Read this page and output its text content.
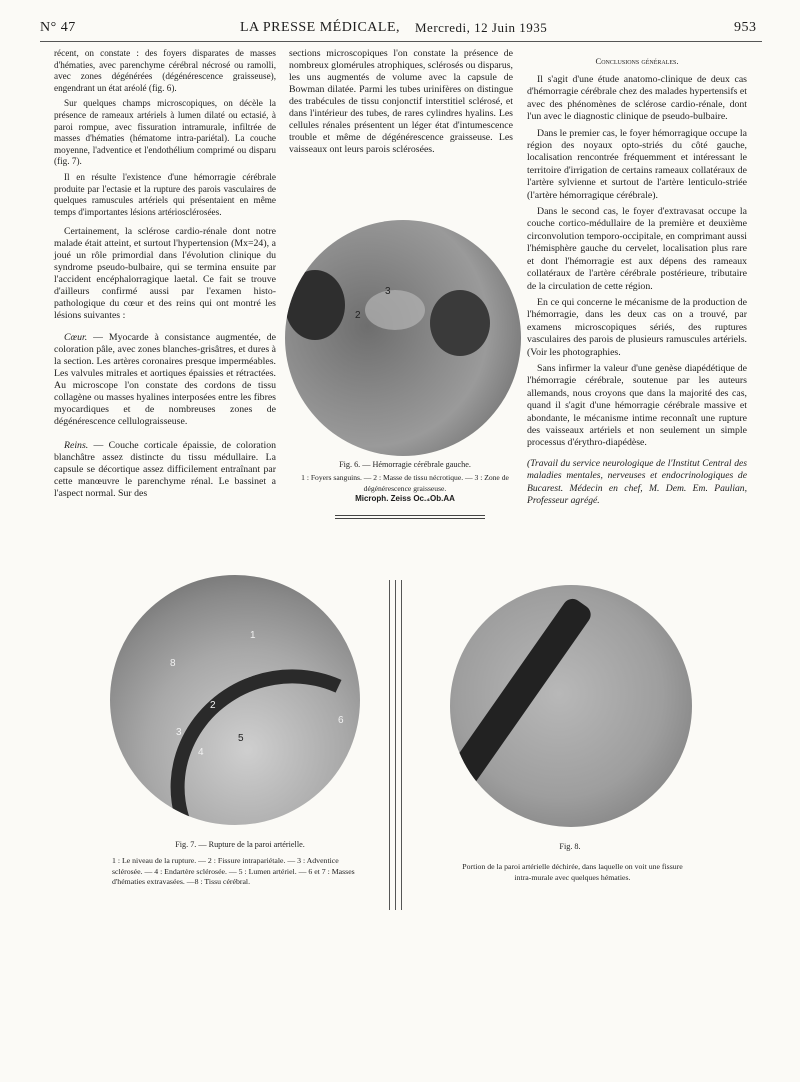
N° 47	LA PRESSE MÉDICALE, Mercredi, 12 Juin 1935	953

récent, on constate : des foyers disparates de masses d'hématies, avec parenchyme cérébral nécrosé ou ramolli, avec zones dégénérées (dégénérescence graisseuse), engendrant un état aréolé (fig. 6).

Sur quelques champs microscopiques, on décèle la présence de rameaux artériels à lumen dilaté ou ectasié, à paroi rompue, avec fissuration intramurale, infiltrée de masses d'hématies (hématome intra-pariétal). La couche moyenne, l'adventice et l'endothélium comprimé ou disparu (fig. 7).

Il en résulte l'existence d'une hémorragie cérébrale produite par l'ectasie et la rupture des parois vasculaires de quelques ramuscules artériels qui présentaient en même temps d'importantes lésions artériosclérosées.

Certainement, la sclérose cardio-rénale dont notre malade était atteint, et surtout l'hypertension (Mx=24), a joué un rôle primordial dans l'évolution clinique du syndrome pseudo-bulbaire, qui se termina ensuite par l'accident encéphalorragique laetal. Ce fait se trouve d'ailleurs confirmé aussi par l'examen histo-pathologique du cœur et des reins qui ont montré les lésions suivantes :

Cœur. — Myocarde à consistance augmentée, de coloration pâle, avec zones blanches-grisâtres, et dures à la section. Les artères coronaires presque imperméables. Les valvules mitrales et aortiques épaissies et rétractées. Au microscope l'on constate des cordons de tissu collagène ou masses hyalines interposées entre les fibres myocardiques et de nombreuses zones de dégénérescence cellulograisseuse.

Reins. — Couche corticale épaissie, de coloration blanchâtre assez distincte du tissu médullaire. La capsule se décortique assez difficilement entraînant par cette manœuvre le parenchyme rénal. Le bassinet a l'aspect normal. Sur des

sections microscopiques l'on constate la présence de nombreux glomérules atrophiques, sclérosés ou disparus, les uns augmentés de volume avec la capsule de Bowman dilatée. Parmi les tubes urinifères on distingue des trabécules de tissu conjonctif interstitiel sclérosé, et dans l'intérieur des tubes, de rares cylindres hyalins. Les cellules rénales présentent un léger état d'intumescence trouble et même de dégénérescence graisseuse. Les vaisseaux ont leurs parois sclérosées.

2
3
Fig. 6. — Hémorragie cérébrale gauche.
1 : Foyers sanguins. — 2 : Masse de tissu nécrotique. — 3 : Zone de dégénérescence graisseuse.
Microph. Zeiss Oc.₄Ob.AA
Conclusions générales.

Il s'agit d'une étude anatomo-clinique de deux cas d'hémorragie cérébrale chez des malades hypertensifs et avec des phénomènes de sclérose cardio-rénale, dont l'un avec le diagnostic clinique de pseudo-bulbaire.

Dans le premier cas, le foyer hémorragique occupe la région des noyaux opto-striés du côté gauche, localisation rencontrée fréquemment et intéressant le territoire d'irrigation de certains rameaux collatéraux de l'artère sylvienne et surtout de l'artère lenticulo-striée (l'artère hémorragique cérébrale).

Dans le second cas, le foyer d'extravasat occupe la couche cortico-médullaire de la première et deuxième circonvolution temporo-occipitale, en comprimant aussi l'hémisphère gauche du cervelet, localisation plus rare et dont l'hémorragie est aux dépens des rameaux collatéraux de l'artère cérébrale postérieure, tributaire de la circulation de cette région.

En ce qui concerne le mécanisme de la production de l'hémorragie, dans les deux cas on a trouvé, par examens microscopiques sériés, des ruptures vasculaires des parois de plusieurs ramuscules artériels. (Voir les photographies.

Sans infirmer la valeur d'une genèse diapédétique de l'hémorragie cérébrale, soutenue par les auteurs allemands, nous croyons que dans la majorité des cas, quand il s'agit d'une hémorragie cérébrale massive et abondante, le mécanisme intime reconnaît une rupture des vaisseaux artériels et non seulement un simple processus d'érythro-diapédèse.

(Travail du service neurologique de l'Institut Central des maladies mentales, nerveuses et endocrinologiques de Bucarest. Médecin en chef, M. Dem. Em. Paulian, Professeur agrégé.

1
8
2
3
4
5
6
Fig. 7. — Rupture de la paroi artérielle.
1 : Le niveau de la rupture. — 2 : Fissure intrapariétale. — 3 : Adventice sclérosée. — 4 : Endartère sclérosée. — 5 : Lumen artériel. — 6 et 7 : Masses d'hématies extravasées. —8 : Tissu cérébral.
Fig. 8.
Portion de la paroi artérielle déchirée, dans laquelle on voit une fissure intra-murale avec quelques hématies.
